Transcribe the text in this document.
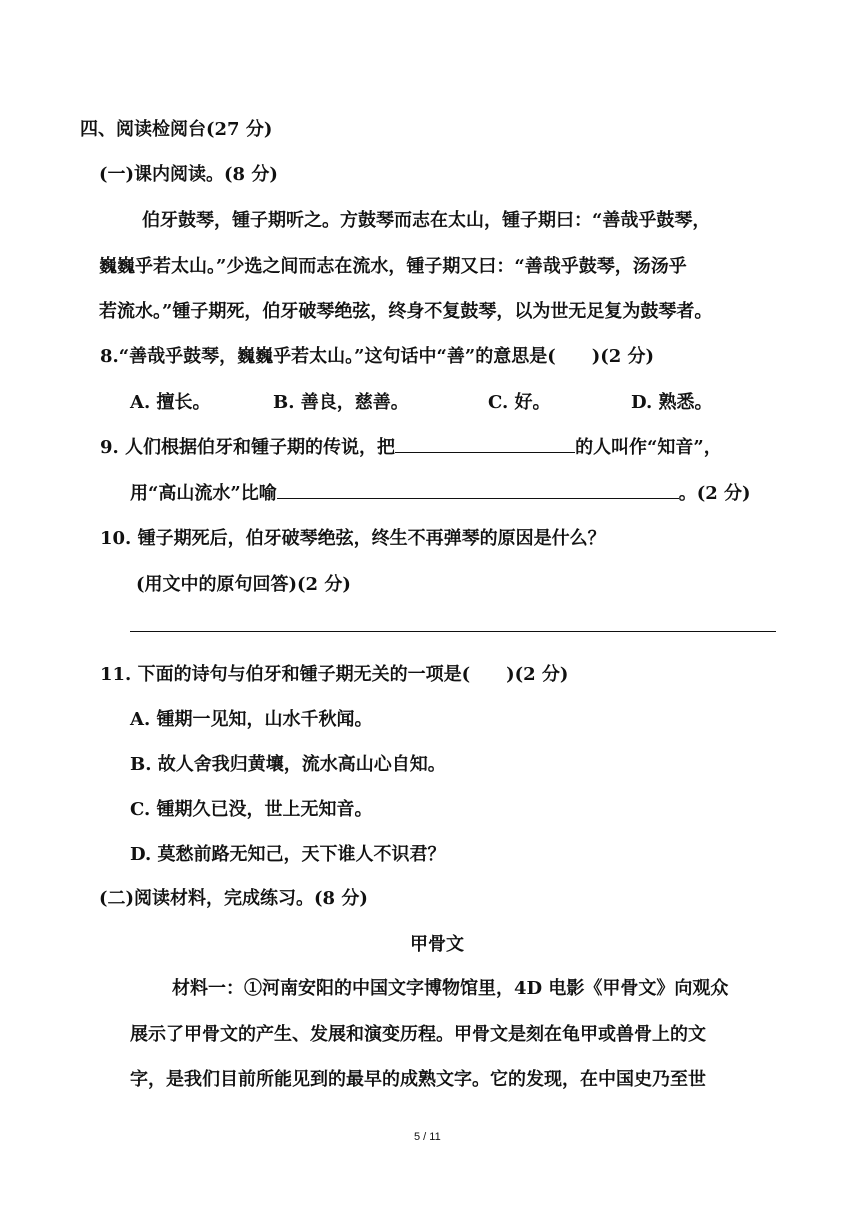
四、阅读检阅台(27 分)
(一)课内阅读。(8 分)
伯牙鼓琴，锺子期听之。方鼓琴而志在太山，锺子期曰：“善哉乎鼓琴，
巍巍乎若太山。”少选之间而志在流水，锺子期又曰：“善哉乎鼓琴，汤汤乎
若流水。”锺子期死，伯牙破琴绝弦，终身不复鼓琴，以为世无足复为鼓琴者。
8.“善哉乎鼓琴，巍巍乎若太山。”这句话中“善”的意思是(　　)(2 分)
A. 擅长。	B. 善良，慈善。	C. 好。	D. 熟悉。
9. 人们根据伯牙和锺子期的传说，把	的人叫作“知音”，
用“高山流水”比喻	。(2 分)
10. 锺子期死后，伯牙破琴绝弦，终生不再弹琴的原因是什么？
(用文中的原句回答)(2 分)
11. 下面的诗句与伯牙和锺子期无关的一项是(　　)(2 分)
A. 锺期一见知，山水千秋闻。
B. 故人舍我归黄壤，流水高山心自知。
C. 锺期久已没，世上无知音。
D. 莫愁前路无知己，天下谁人不识君？
(二)阅读材料，完成练习。(8 分)
甲骨文
材料一：①河南安阳的中国文字博物馆里，4D 电影《甲骨文》向观众
展示了甲骨文的产生、发展和演变历程。甲骨文是刻在龟甲或兽骨上的文
字，是我们目前所能见到的最早的成熟文字。它的发现，在中国史乃至世
5 / 11
